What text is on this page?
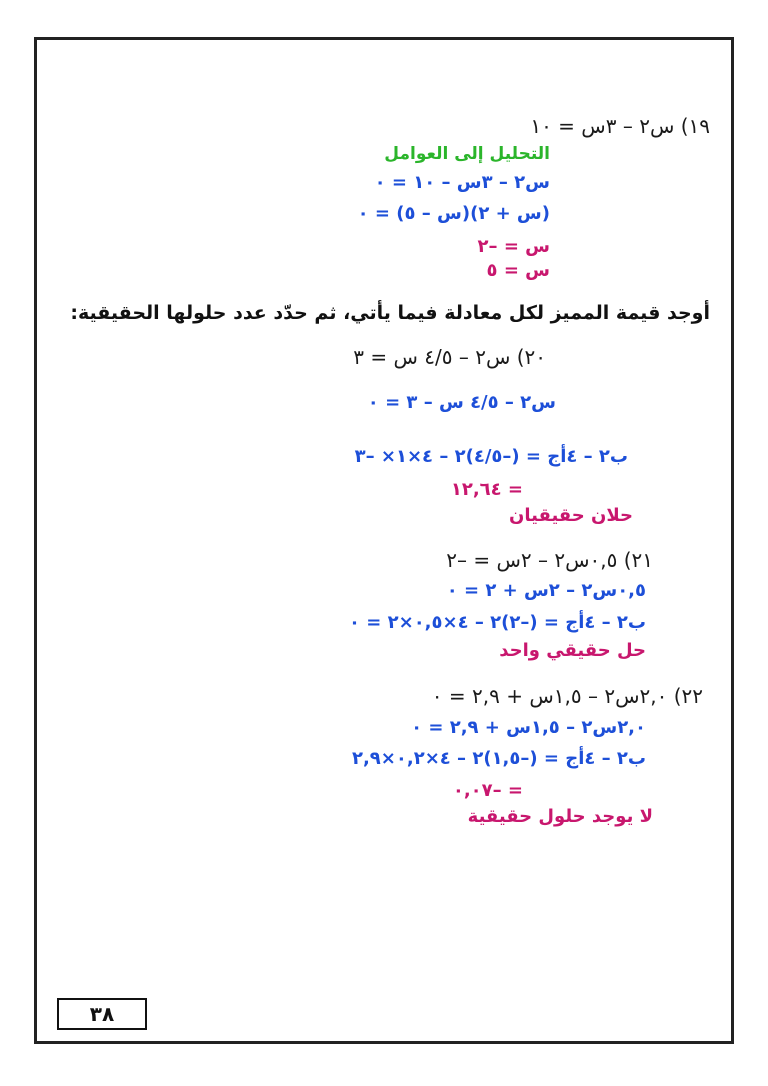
١٩) س٢ – ٣س = ١٠
التحليل إلى العوامل
س٢ – ٣س – ١٠ = ٠
(س + ٢)(س – ٥) = ٠
س = –٢
س = ٥
أوجد قيمة المميز لكل معادلة فيما يأتي، ثم حدّد عدد حلولها الحقيقية:
٢٠) س٢ – ٤/٥ س = ٣
س٢ – ٤/٥ س – ٣ = ٠
ب٢ – ٤أج = (–٤/٥)٢ – ٤×١× –٣
= ١٢,٦٤
حلان حقيقيان
٢١) ٠,٥س٢ – ٢س = –٢
٠,٥س٢ – ٢س + ٢ = ٠
ب٢ – ٤أج = (–٢)٢ – ٤×٠,٥×٢ = ٠
حل حقيقي واحد
٢٢) ٢,٠س٢ – ١,٥س + ٢,٩ = ٠
٢,٠س٢ – ١,٥س + ٢,٩ = ٠
ب٢ – ٤أج = (–١,٥)٢ – ٤×٠,٢×٢,٩
= –٠,٠٧
لا يوجد حلول حقيقية
٣٨
